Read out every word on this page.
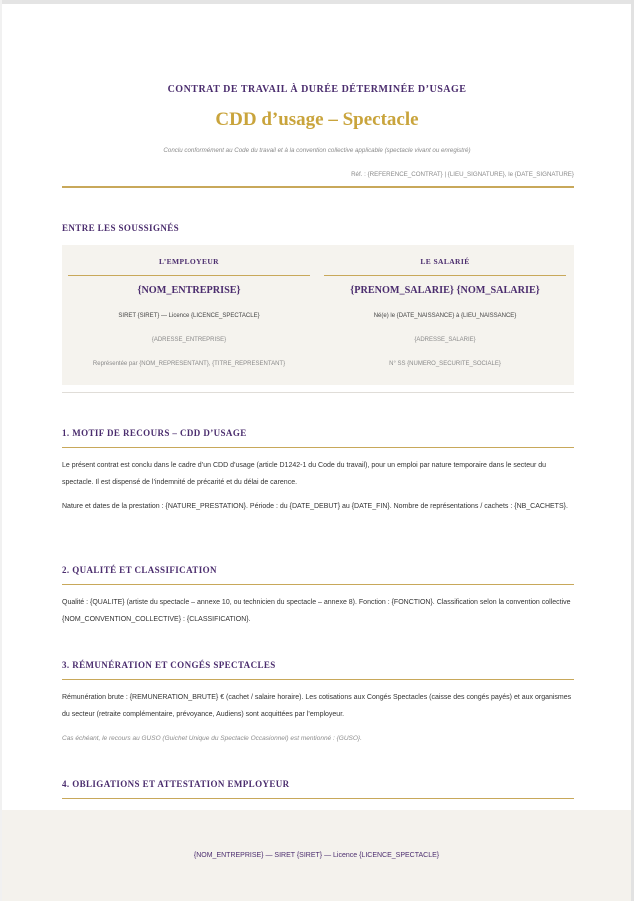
CONTRAT DE TRAVAIL À DURÉE DÉTERMINÉE D’USAGE
CDD d’usage – Spectacle
Conclu conformément au Code du travail et à la convention collective applicable (spectacle vivant ou enregistré)
Réf. : {REFERENCE_CONTRAT} | {LIEU_SIGNATURE}, le {DATE_SIGNATURE}
ENTRE LES SOUSSIGNÉS
L’EMPLOYEUR
{NOM_ENTREPRISE}
SIRET {SIRET} — Licence {LICENCE_SPECTACLE}
{ADRESSE_ENTREPRISE}
Représentée par {NOM_REPRESENTANT}, {TITRE_REPRESENTANT}
LE SALARIÉ
{PRENOM_SALARIE} {NOM_SALARIE}
Né(e) le {DATE_NAISSANCE} à {LIEU_NAISSANCE}
{ADRESSE_SALARIE}
N° SS {NUMERO_SECURITE_SOCIALE}
1. MOTIF DE RECOURS – CDD D’USAGE

Le présent contrat est conclu dans le cadre d’un CDD d’usage (article D1242-1 du Code du travail), pour un emploi par nature temporaire dans le secteur du spectacle. Il est dispensé de l’indemnité de précarité et du délai de carence.

Nature et dates de la prestation : {NATURE_PRESTATION}. Période : du {DATE_DEBUT} au {DATE_FIN}. Nombre de représentations / cachets : {NB_CACHETS}.

2. QUALITÉ ET CLASSIFICATION

Qualité : {QUALITE} (artiste du spectacle – annexe 10, ou technicien du spectacle – annexe 8). Fonction : {FONCTION}. Classification selon la convention collective {NOM_CONVENTION_COLLECTIVE} : {CLASSIFICATION}.

3. RÉMUNÉRATION ET CONGÉS SPECTACLES

Rémunération brute : {REMUNERATION_BRUTE} € (cachet / salaire horaire). Les cotisations aux Congés Spectacles (caisse des congés payés) et aux organismes du secteur (retraite complémentaire, prévoyance, Audiens) sont acquittées par l’employeur.

Cas échéant, le recours au GUSO (Guichet Unique du Spectacle Occasionnel) est mentionné : {GUSO}.

4. OBLIGATIONS ET ATTESTATION EMPLOYEUR
{NOM_ENTREPRISE} — SIRET {SIRET} — Licence {LICENCE_SPECTACLE}
